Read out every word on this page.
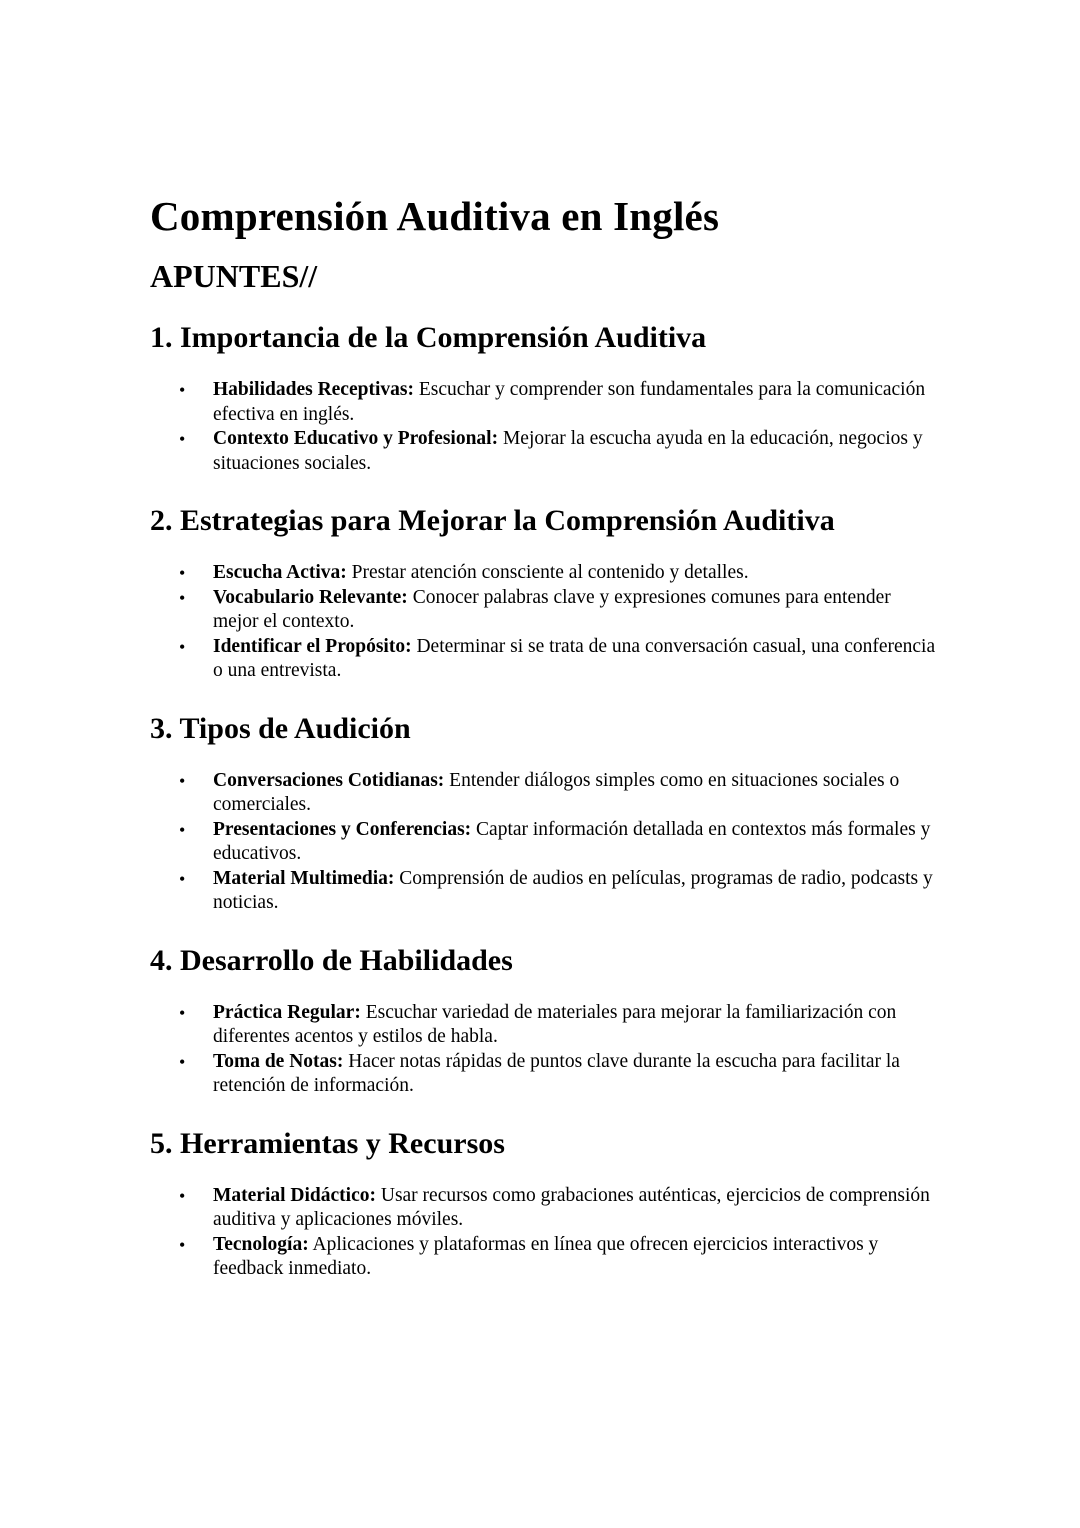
Comprensión Auditiva en Inglés
APUNTES//
1. Importancia de la Comprensión Auditiva
• Habilidades Receptivas: Escuchar y comprender son fundamentales para la comunicación efectiva en inglés.
• Contexto Educativo y Profesional: Mejorar la escucha ayuda en la educación, negocios y situaciones sociales.
2. Estrategias para Mejorar la Comprensión Auditiva
• Escucha Activa: Prestar atención consciente al contenido y detalles.
• Vocabulario Relevante: Conocer palabras clave y expresiones comunes para entender mejor el contexto.
• Identificar el Propósito: Determinar si se trata de una conversación casual, una conferencia o una entrevista.
3. Tipos de Audición
• Conversaciones Cotidianas: Entender diálogos simples como en situaciones sociales o comerciales.
• Presentaciones y Conferencias: Captar información detallada en contextos más formales y educativos.
• Material Multimedia: Comprensión de audios en películas, programas de radio, podcasts y noticias.
4. Desarrollo de Habilidades
• Práctica Regular: Escuchar variedad de materiales para mejorar la familiarización con diferentes acentos y estilos de habla.
• Toma de Notas: Hacer notas rápidas de puntos clave durante la escucha para facilitar la retención de información.
5. Herramientas y Recursos
• Material Didáctico: Usar recursos como grabaciones auténticas, ejercicios de comprensión auditiva y aplicaciones móviles.
• Tecnología: Aplicaciones y plataformas en línea que ofrecen ejercicios interactivos y feedback inmediato.
